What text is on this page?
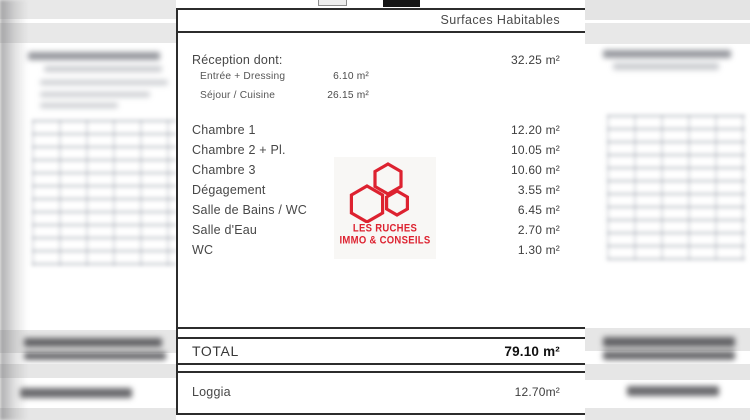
Surfaces Habitables
Réception dont:	32.25 m²
Entrée + Dressing	6.10 m²
Séjour / Cuisine	26.15 m²
Chambre 1	12.20 m²
Chambre 2 + Pl.	10.05 m²
Chambre 3	10.60 m²
Dégagement	3.55 m²
Salle de Bains / WC	6.45 m²
Salle d'Eau	2.70 m²
WC	1.30 m²
LES RUCHES
IMMO & CONSEILS
TOTAL	79.10 m²
Loggia	12.70m²
